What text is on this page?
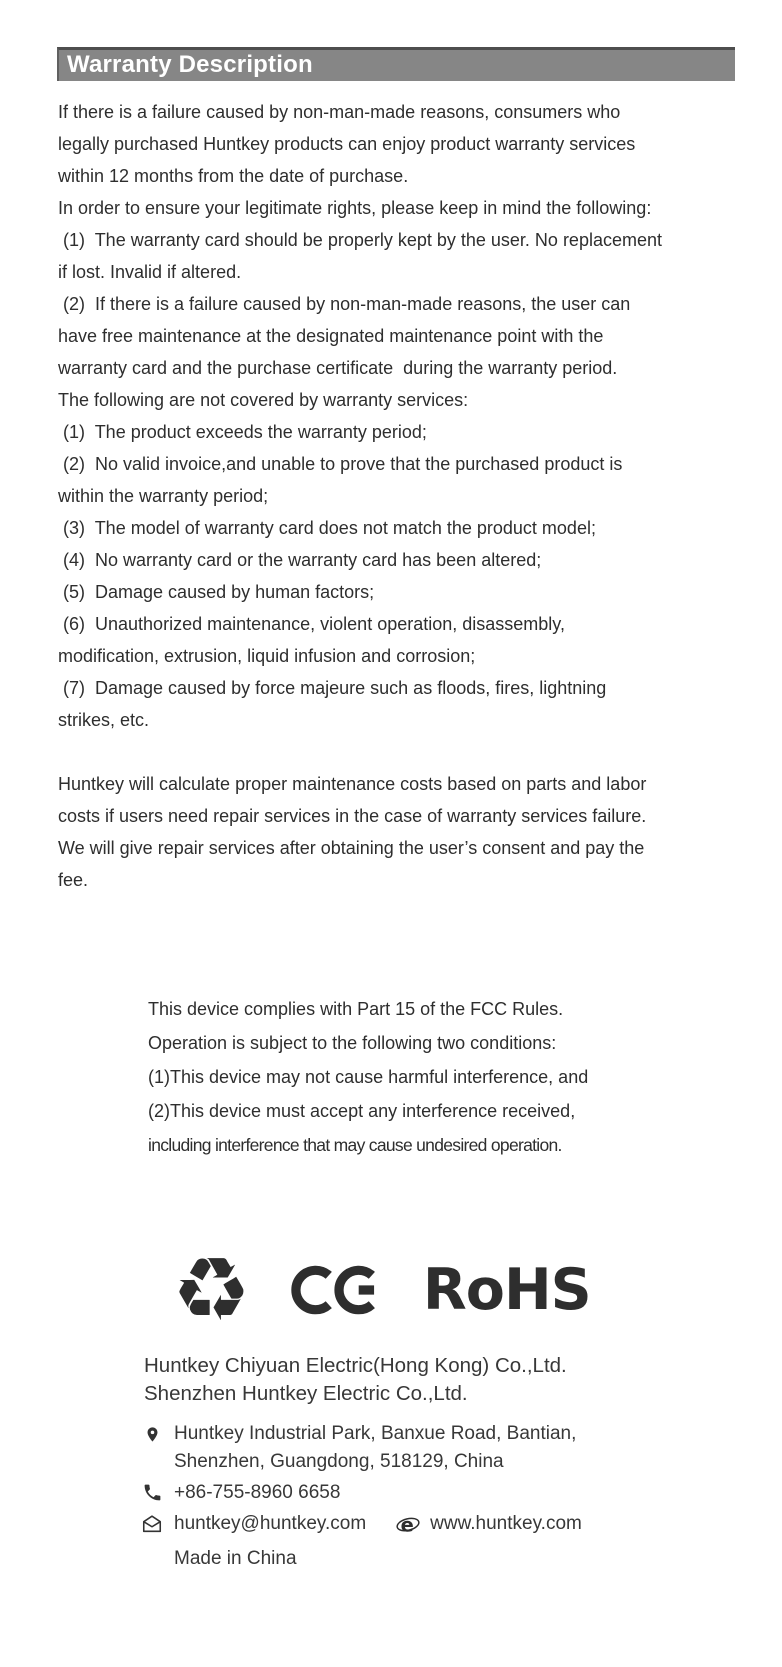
Warranty Description
If there is a failure caused by non-man-made reasons, consumers who
legally purchased Huntkey products can enjoy product warranty services
within 12 months from the date of purchase.
In order to ensure your legitimate rights, please keep in mind the following:
(1)  The warranty card should be properly kept by the user. No replacement
if lost. Invalid if altered.
(2)  If there is a failure caused by non-man-made reasons, the user can
have free maintenance at the designated maintenance point with the
warranty card and the purchase certificate  during the warranty period.
The following are not covered by warranty services:
(1)  The product exceeds the warranty period;
(2)  No valid invoice,and unable to prove that the purchased product is
within the warranty period;
(3)  The model of warranty card does not match the product model;
(4)  No warranty card or the warranty card has been altered;
(5)  Damage caused by human factors;
(6)  Unauthorized maintenance, violent operation, disassembly,
modification, extrusion, liquid infusion and corrosion;
(7)  Damage caused by force majeure such as floods, fires, lightning
strikes, etc.
Huntkey will calculate proper maintenance costs based on parts and labor
costs if users need repair services in the case of warranty services failure.
We will give repair services after obtaining the user’s consent and pay the
fee.
This device complies with Part 15 of the FCC Rules.
Operation is subject to the following two conditions:
(1)This device may not cause harmful interference, and
(2)This device must accept any interference received,
including interference that may cause undesired operation.
♻	RoHS
Huntkey Chiyuan Electric(Hong Kong) Co.,Ltd.
Shenzhen Huntkey Electric Co.,Ltd.
Huntkey Industrial Park, Banxue Road, Bantian,
Shenzhen, Guangdong, 518129, China
+86-755-8960 6658
huntkey@huntkey.com e www.huntkey.com
Made in China
